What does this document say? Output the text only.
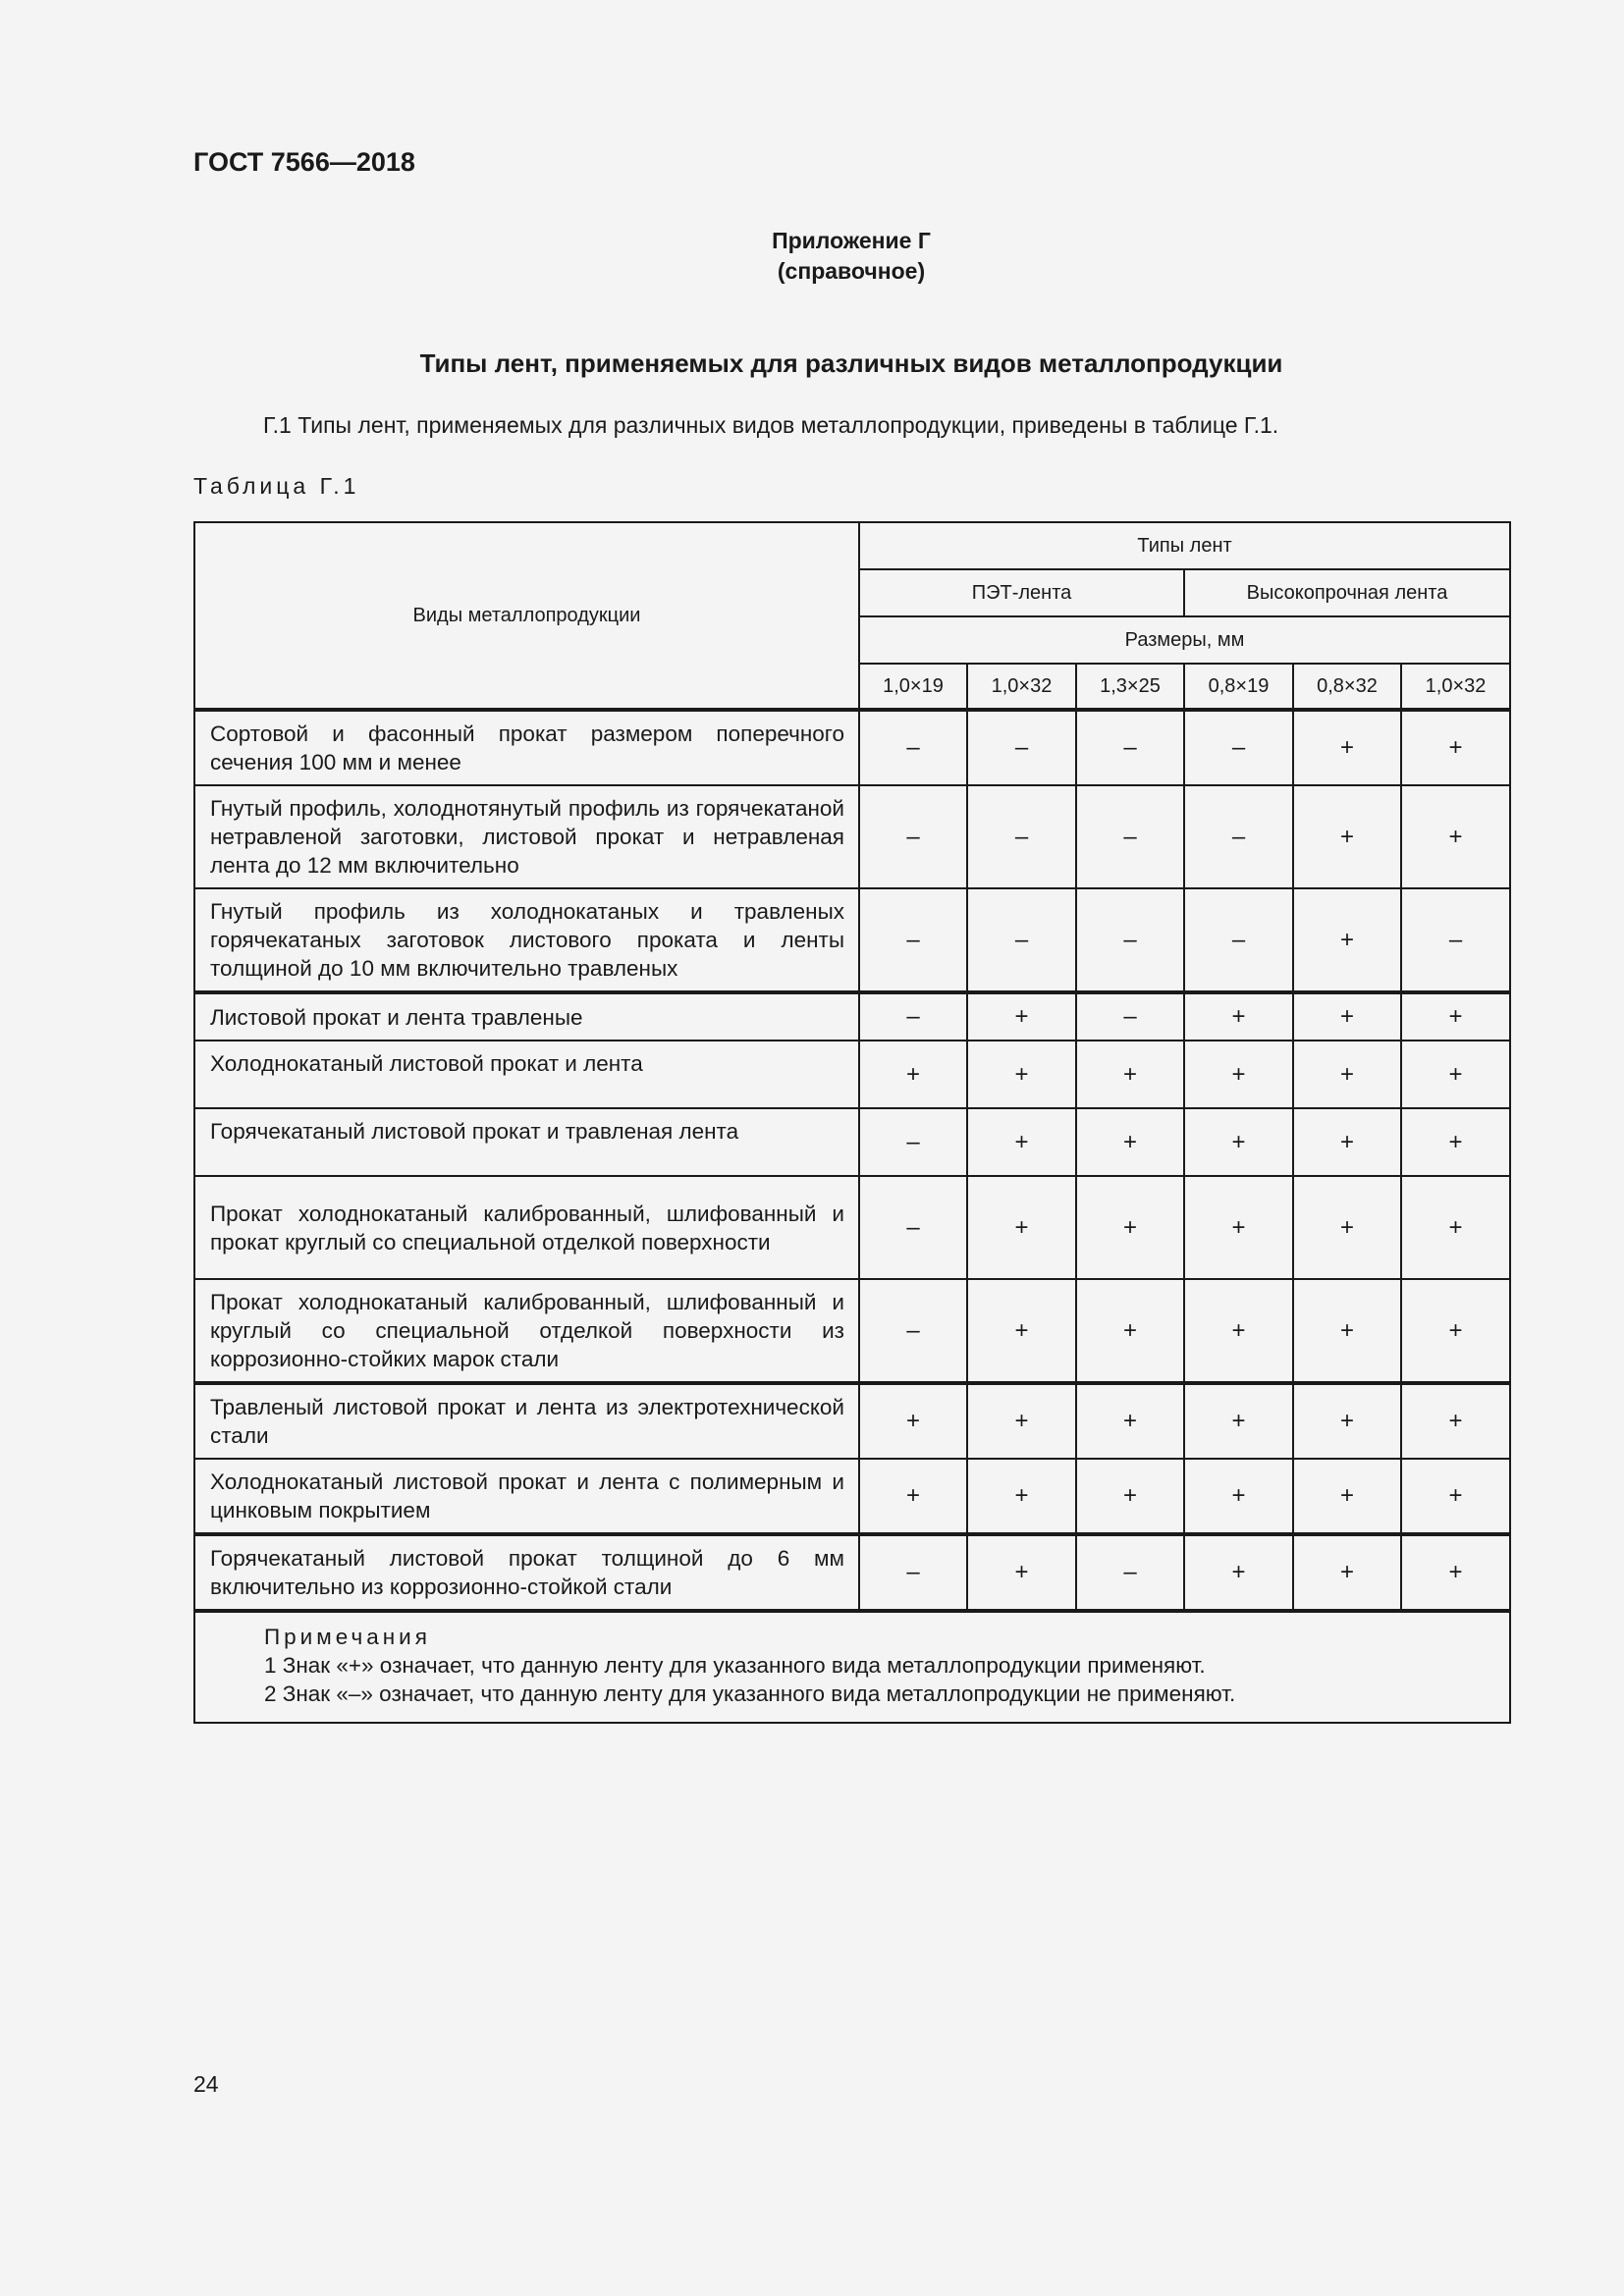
ГОСТ 7566—2018
Приложение Г
(справочное)
Типы лент, применяемых для различных видов металлопродукции
Г.1 Типы лент, применяемых для различных видов металлопродукции, приведены в таблице Г.1.
Таблица Г.1
Виды металлопродукции	Типы лент					
	ПЭТ-лента			Высокопрочная лента		
	Размеры, мм					
	1,0×19	1,0×32	1,3×25	0,8×19	0,8×32	1,0×32
Сортовой и фасонный прокат размером поперечного сечения 100 мм и менее	–	–	–	–	+	+
Гнутый профиль, холоднотянутый профиль из горячекатаной нетравленой заготовки, листовой прокат и нетравленая лента до 12 мм включительно	–	–	–	–	+	+
Гнутый профиль из холоднокатаных и травленых горячекатаных заготовок листового проката и ленты толщиной до 10 мм включительно травленых	–	–	–	–	+	–
Листовой прокат и лента травленые	–	+	–	+	+	+
Холоднокатаный листовой прокат и лента	+	+	+	+	+	+
Горячекатаный листовой прокат и травленая лента	–	+	+	+	+	+
Прокат холоднокатаный калиброванный, шлифованный и прокат круглый со специальной отделкой поверхности	–	+	+	+	+	+
Прокат холоднокатаный калиброванный, шлифованный и круглый со специальной отделкой поверхности из коррозионно-стойких марок стали	–	+	+	+	+	+
Травленый листовой прокат и лента из электротехнической стали	+	+	+	+	+	+
Холоднокатаный листовой прокат и лента с полимерным и цинковым покрытием	+	+	+	+	+	+
Горячекатаный листовой прокат толщиной до 6 мм включительно из коррозионно-стойкой стали	–	+	–	+	+	+

Примечания
1 Знак «+» означает, что данную ленту для указанного вида металлопродукции применяют.
2 Знак «–» означает, что данную ленту для указанного вида металлопродукции не применяют.						
24
